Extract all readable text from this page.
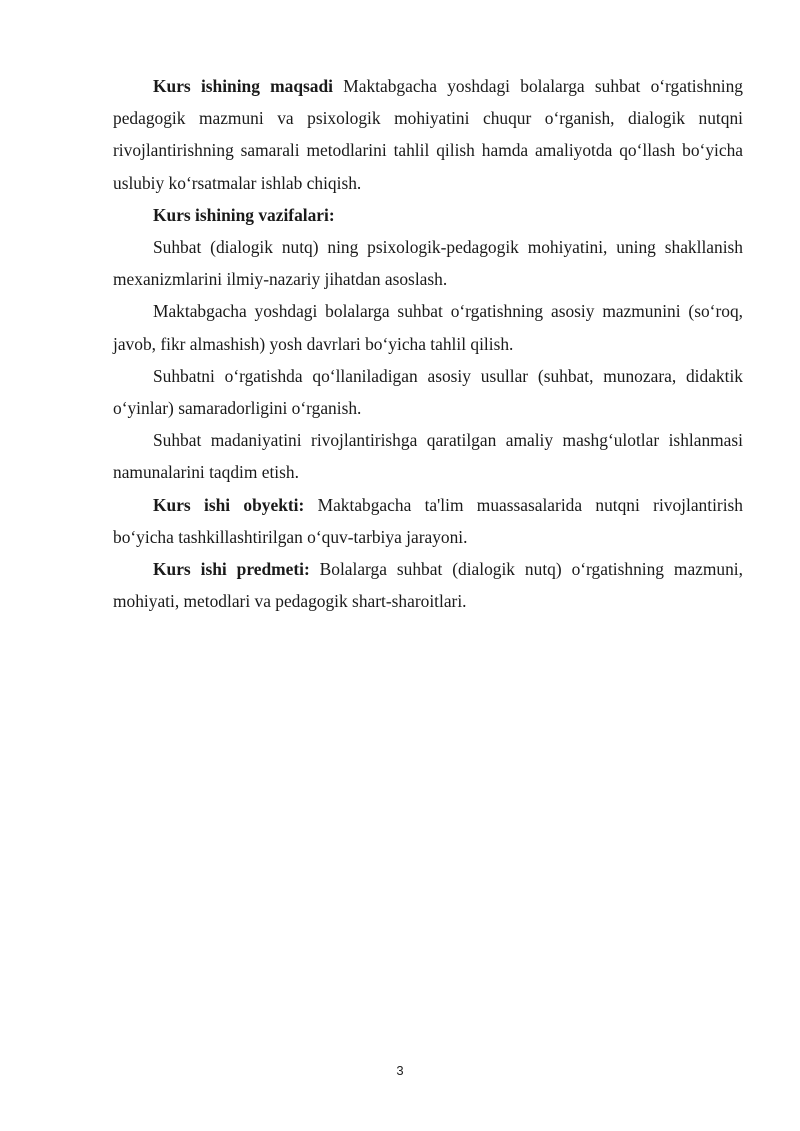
Kurs ishining maqsadi Maktabgacha yoshdagi bolalarga suhbat o‘rgatishning pedagogik mazmuni va psixologik mohiyatini chuqur o‘rganish, dialogik nutqni rivojlantirishning samarali metodlarini tahlil qilish hamda amaliyotda qo‘llash bo‘yicha uslubiy ko‘rsatmalar ishlab chiqish.

Kurs ishining vazifalari:

Suhbat (dialogik nutq) ning psixologik-pedagogik mohiyatini, uning shakllanish mexanizmlarini ilmiy-nazariy jihatdan asoslash.

Maktabgacha yoshdagi bolalarga suhbat o‘rgatishning asosiy mazmunini (so‘roq, javob, fikr almashish) yosh davrlari bo‘yicha tahlil qilish.

Suhbatni o‘rgatishda qo‘llaniladigan asosiy usullar (suhbat, munozara, didaktik o‘yinlar) samaradorligini o‘rganish.

Suhbat madaniyatini rivojlantirishga qaratilgan amaliy mashg‘ulotlar ishlanmasi namunalarini taqdim etish.

Kurs ishi obyekti: Maktabgacha ta'lim muassasalarida nutqni rivojlantirish bo‘yicha tashkillashtirilgan o‘quv-tarbiya jarayoni.

Kurs ishi predmeti: Bolalarga suhbat (dialogik nutq) o‘rgatishning mazmuni, mohiyati, metodlari va pedagogik shart-sharoitlari.

3
